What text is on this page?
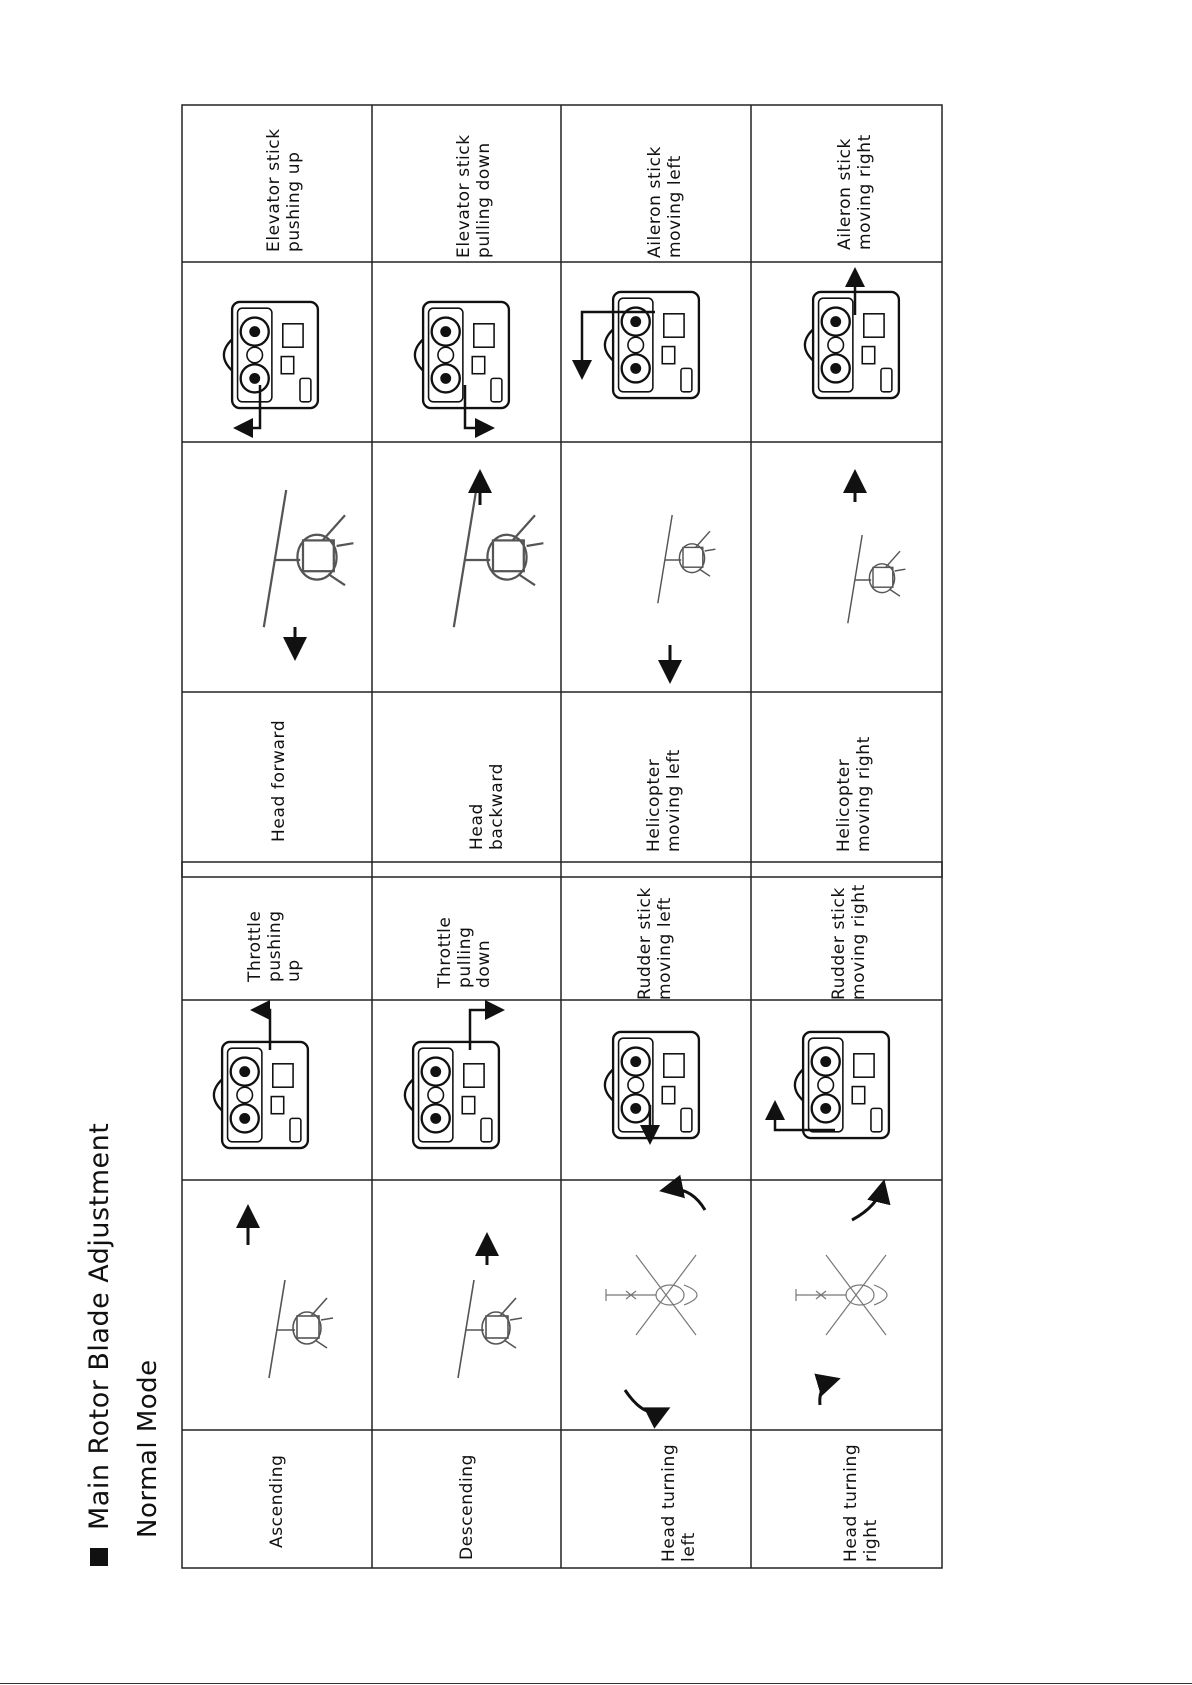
Main Rotor Blade Adjustment Normal Mode	Ascending
Throttle pushing up
Descending
Throttle pulling down
Head turning left
Rudder stick moving left
Head turning right
Rudder stick moving right
Head forward
Elevator stick pushing up
Head backward
Elevator stick pulling down
Helicopter moving left
Aileron stick moving left
Helicopter moving right
Aileron stick moving right
